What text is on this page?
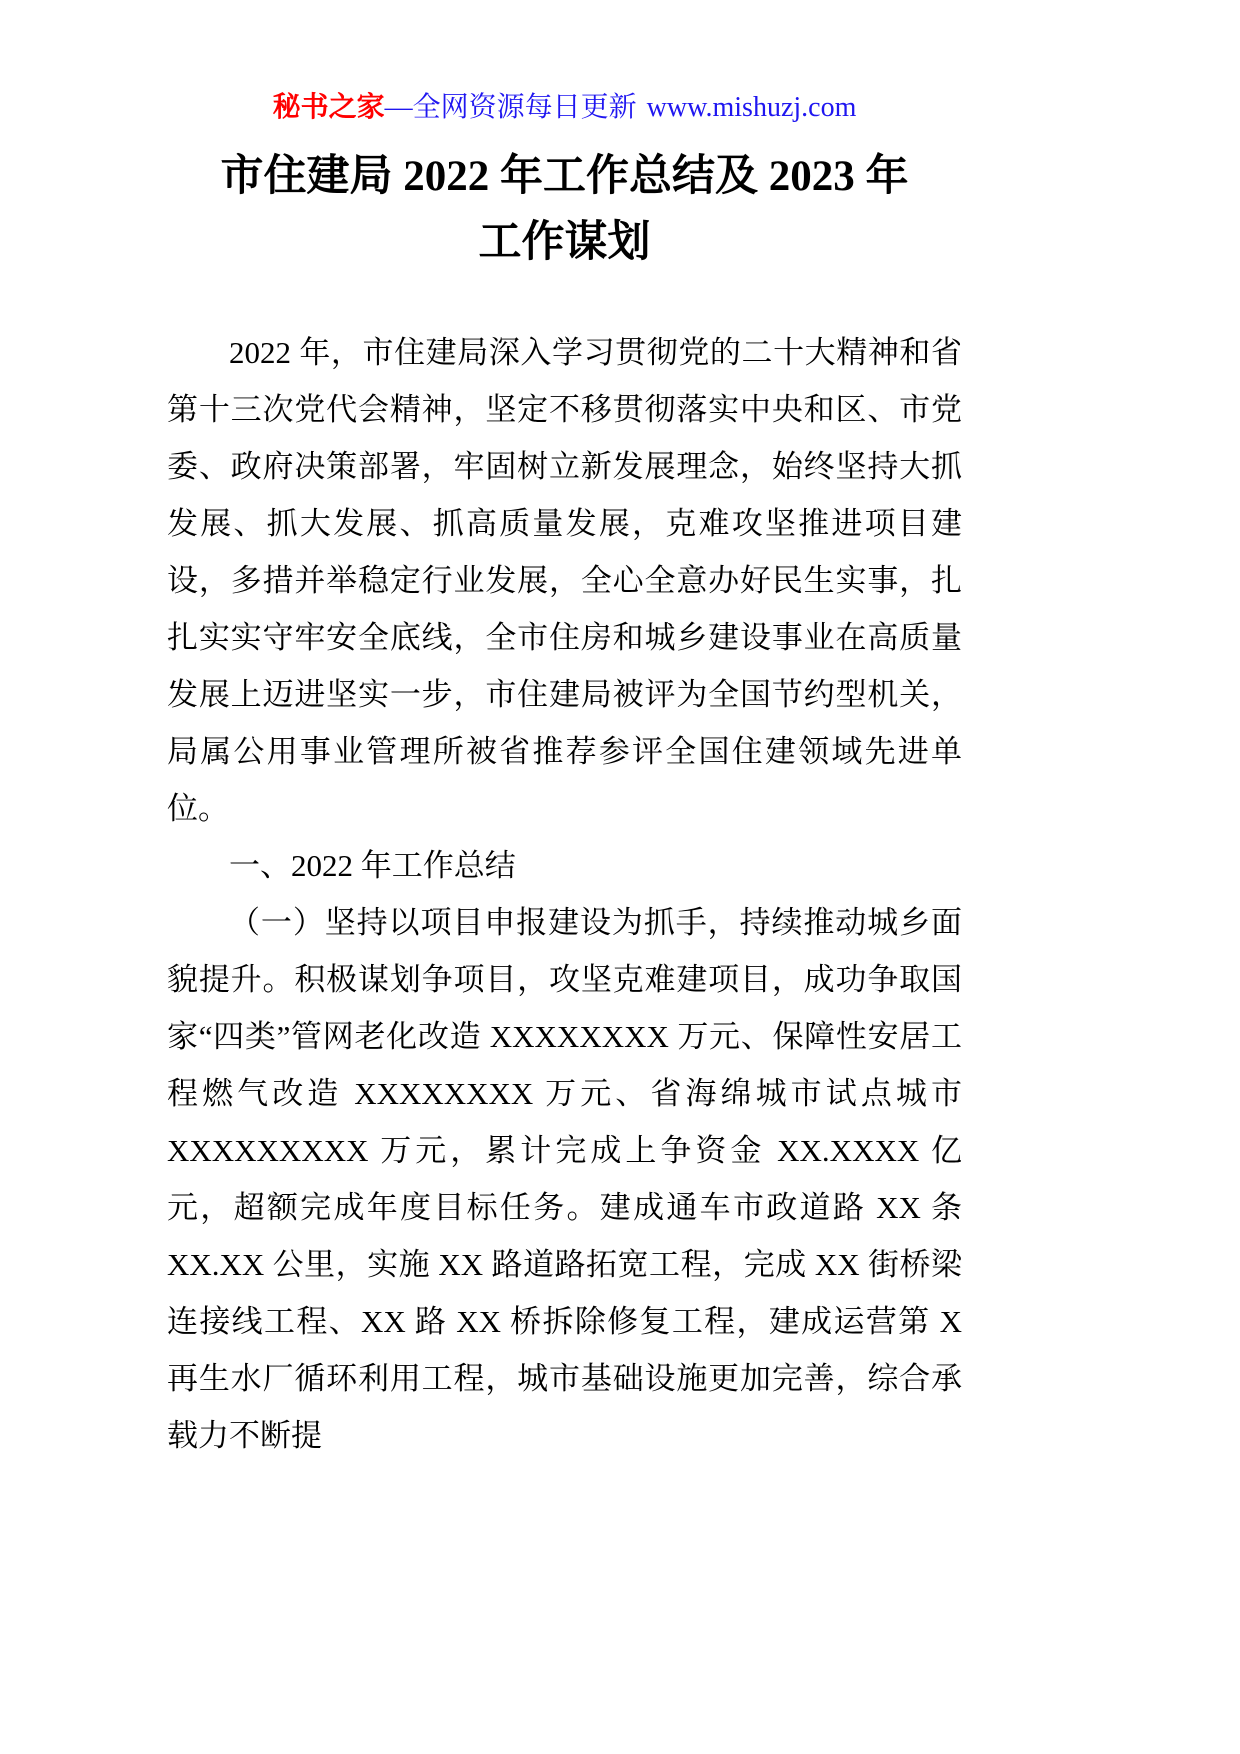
秘书之家—全网资源每日更新 www.mishuzj.com
市住建局 2022 年工作总结及 2023 年
工作谋划

2022 年，市住建局深入学习贯彻党的二十大精神和省第十三次党代会精神，坚定不移贯彻落实中央和区、市党委、政府决策部署，牢固树立新发展理念，始终坚持大抓发展、抓大发展、抓高质量发展，克难攻坚推进项目建设，多措并举稳定行业发展，全心全意办好民生实事，扎扎实实守牢安全底线，全市住房和城乡建设事业在高质量发展上迈进坚实一步，市住建局被评为全国节约型机关，局属公用事业管理所被省推荐参评全国住建领域先进单位。

一、2022 年工作总结

（一）坚持以项目申报建设为抓手，持续推动城乡面貌提升。积极谋划争项目，攻坚克难建项目，成功争取国家“四类”管网老化改造 XXXXXXXX 万元、保障性安居工程燃气改造 XXXXXXXX 万元、省海绵城市试点城市 XXXXXXXXX 万元，累计完成上争资金 XX.XXXX 亿元，超额完成年度目标任务。建成通车市政道路 XX 条 XX.XX 公里，实施 XX 路道路拓宽工程，完成 XX 街桥梁连接线工程、XX 路 XX 桥拆除修复工程，建成运营第 X 再生水厂循环利用工程，城市基础设施更加完善，综合承载力不断提
